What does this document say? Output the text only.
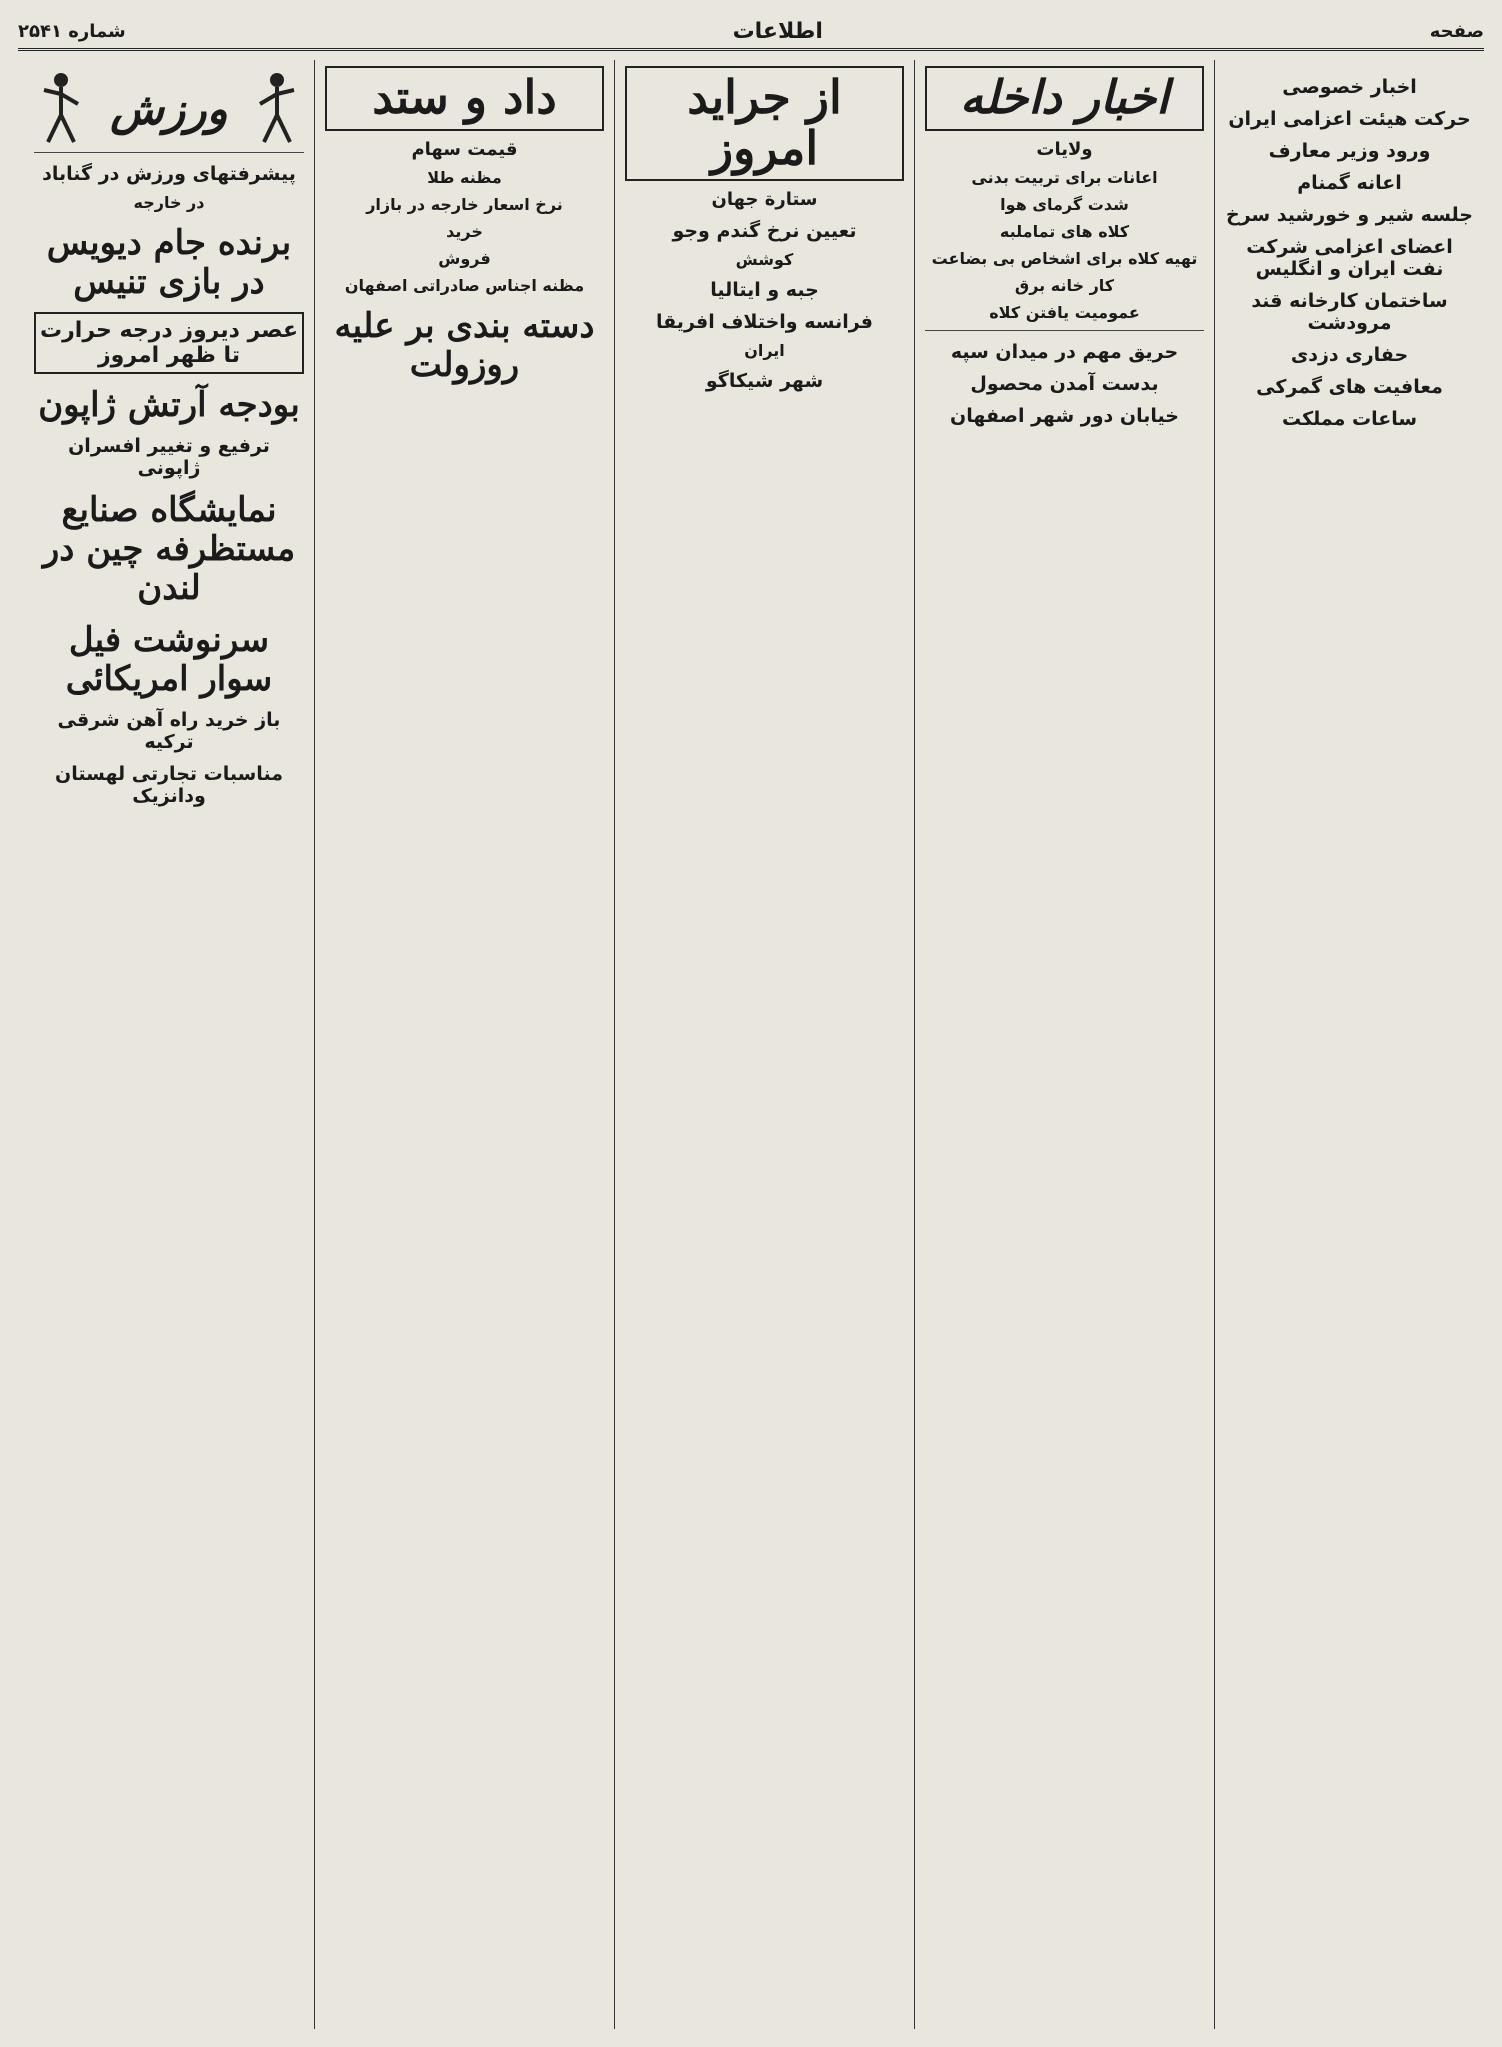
صفحه
اطلاعات
شماره ۲۵۴۱
اخبار خصوصی
حرکت هیئت اعزامی ایران
ورود وزیر معارف
اعانه گمنام
جلسه شیر و خورشید سرخ
اعضای اعزامی شرکت نفت ایران و انگلیس
ساختمان کارخانه قند مرودشت
حفاری دزدی
معافیت های گمرکی
ساعات مملکت
اخبار داخله
ولایات
اعانات برای تربیت بدنی
شدت گرمای هوا
کلاه های تماملبه
تهیه کلاه برای اشخاص بی بضاعت
کار خانه برق
عمومیت یافتن کلاه
حریق مهم در میدان سپه
بدست آمدن محصول
خیابان دور شهر اصفهان
از جرايد امروز
ستارة جهان
تعیین نرخ گندم وجو
کوشش
جبه و ایتالیا
فرانسه واختلاف افریقا
ایران
شهر شیکاگو
داد و ستد
قیمت سهام
مظنه طلا
نرخ اسعار خارجه در بازار
خرید
فروش
مظنه اجناس صادراتی اصفهان
دسته بندی بر علیه روزولت
ورزش
پیشرفتهای ورزش در گناباد
در خارجه
برنده جام دیویس در بازی تنیس
عصر دیروز درجه حرارت تا ظهر امروز
بودجه آرتش ژاپون
ترفیع و تغییر افسران ژاپونی
نمایشگاه صنایع مستظرفه چین در لندن
سرنوشت فیل سوار امریکائی
باز خرید راه آهن شرقی ترکیه
مناسبات تجارتی لهستان ودانزیک
